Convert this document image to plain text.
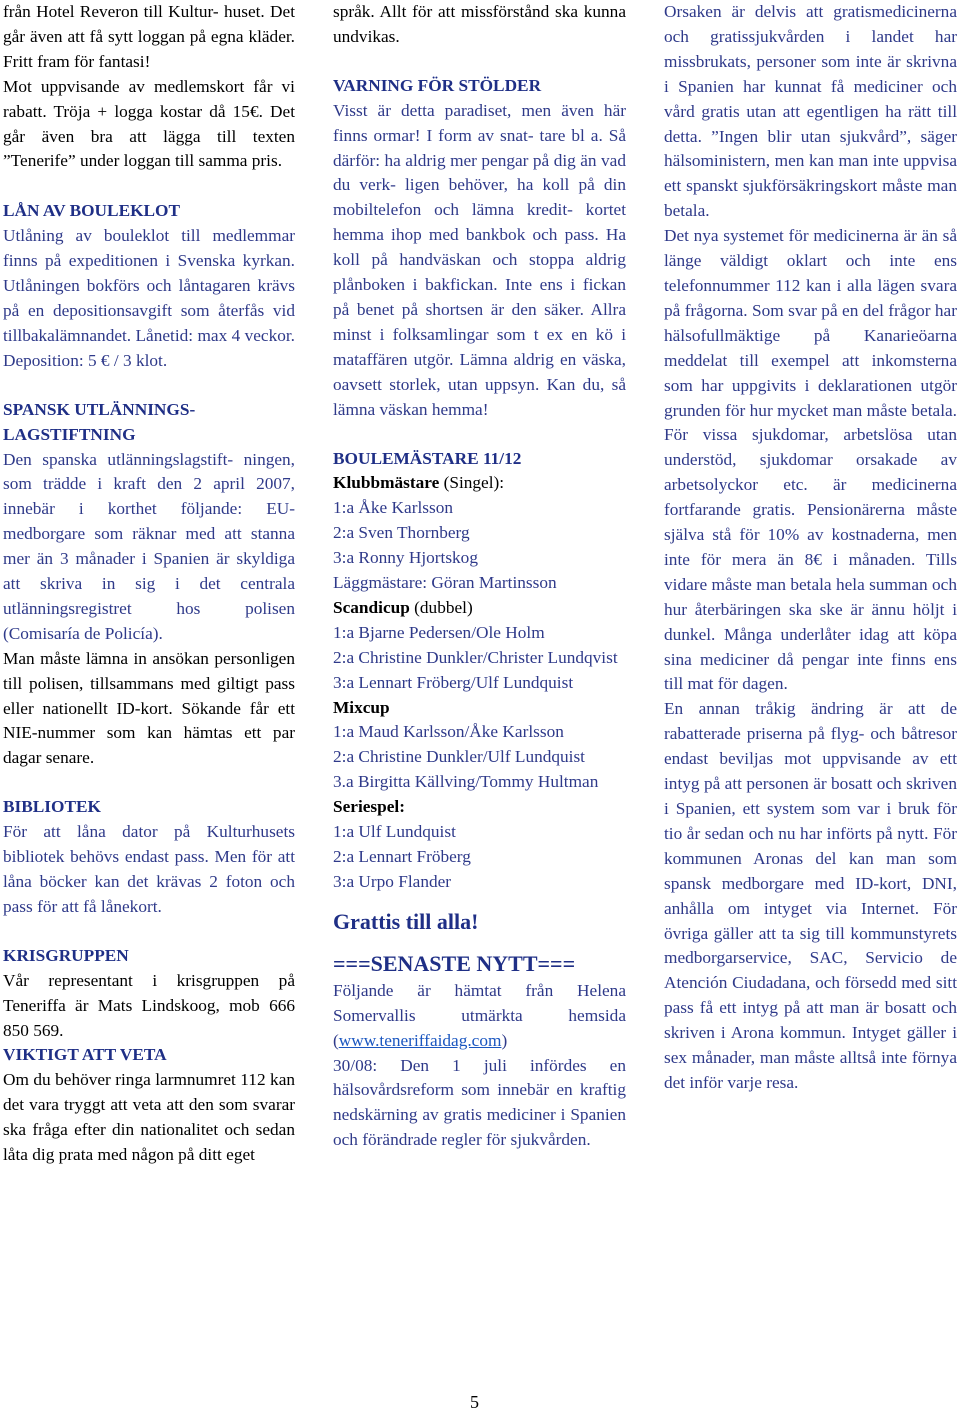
från Hotel Reveron till Kultur- huset. Det går även att få sytt loggan på egna kläder. Fritt fram för fantasi!
Mot uppvisande av medlemskort får vi rabatt. Tröja + logga kostar då 15€. Det går även bra att lägga till texten ”Tenerife” under loggan till samma pris.
LÅN AV BOULEKLOT
Utlåning av bouleklot till medlemmar finns på expeditionen i Svenska kyrkan. Utlåningen bokförs och låntagaren krävs på en depositionsavgift som återfås vid tillbakalämnandet. Lånetid: max 4 veckor. Deposition: 5 € / 3 klot.
SPANSK UTLÄNNINGS- LAGSTIFTNING
Den spanska utlänningslagstift- ningen, som trädde i kraft den 2 april 2007, innebär i korthet följande: EU-medborgare som räknar med att stanna mer än 3 månader i Spanien är skyldiga att skriva in sig i det centrala utlänningsregistret hos polisen (Comisaría de Policía).
Man måste lämna in ansökan personligen till polisen, tillsammans med giltigt pass eller nationellt ID-kort. Sökande får ett NIE-nummer som kan hämtas ett par dagar senare.
BIBLIOTEK
För att låna dator på Kulturhusets bibliotek behövs endast pass. Men för att låna böcker kan det krävas 2 foton och pass för att få lånekort.
KRISGRUPPEN
Vår representant i krisgruppen på Teneriffa är Mats Lindskoog, mob 666 850 569.
VIKTIGT ATT VETA
Om du behöver ringa larmnumret 112 kan det vara tryggt att veta att den som svarar ska fråga efter din nationalitet och sedan låta dig prata med någon på ditt eget
språk. Allt för att missförstånd ska kunna undvikas.
VARNING FÖR STÖLDER
Visst är detta paradiset, men även här finns ormar! I form av snat- tare bl a. Så därför: ha aldrig mer pengar på dig än vad du verk- ligen behöver, ha koll på din mobiltelefon och lämna kredit- kortet hemma ihop med bankbok och pass. Ha koll på handväskan och stoppa aldrig plånboken i bakfickan. Inte ens i fickan på benet på shortsen är den säker. Allra minst i folksamlingar som t ex en kö i mataffären utgör. Lämna aldrig en väska, oavsett storlek, utan uppsyn. Kan du, så lämna väskan hemma!
BOULEMÄSTARE 11/12
Klubbmästare (Singel):
1:a Åke Karlsson
2:a Sven Thornberg
3:a Ronny Hjortskog
Läggmästare: Göran Martinsson
Scandicup (dubbel)
1:a Bjarne Pedersen/Ole Holm
2:a Christine Dunkler/Christer Lundqvist
3:a Lennart Fröberg/Ulf Lundquist
Mixcup
1:a Maud Karlsson/Åke Karlsson
2:a Christine Dunkler/Ulf Lundquist
3.a Birgitta Källving/Tommy Hultman
Seriespel:
1:a Ulf Lundquist
2:a Lennart Fröberg
3:a Urpo Flander
Grattis till alla!
===SENASTE NYTT===
Följande är hämtat från Helena Somervallis utmärkta hemsida (www.teneriffaidag.com)
30/08: Den 1 juli infördes en hälsovårdsreform som innebär en kraftig nedskärning av gratis mediciner i Spanien och förändrade regler för sjukvården.
Orsaken är delvis att gratismedicinerna och gratissjukvården i landet har missbrukats, personer som inte är skrivna i Spanien har kunnat få mediciner och vård gratis utan att egentligen ha rätt till detta. ”Ingen blir utan sjukvård”, säger hälsoministern, men kan man inte uppvisa ett spanskt sjukförsäkringskort måste man betala.
Det nya systemet för medicinerna är än så länge väldigt oklart och inte ens telefonnummer 112 kan i alla lägen svara på frågorna. Som svar på en del frågor har hälsofullmäktige på Kanarieöarna meddelat till exempel att inkomsterna som har uppgivits i deklarationen utgör grunden för hur mycket man måste betala. För vissa sjukdomar, arbetslösa utan understöd, sjukdomar orsakade av arbetsolyckor etc. är medicinerna fortfarande gratis. Pensionärerna måste själva stå för 10% av kostnaderna, men inte för mera än 8€ i månaden. Tills vidare måste man betala hela summan och hur återbäringen ska ske är ännu höljt i dunkel. Många underlåter idag att köpa sina mediciner då pengar inte finns ens till mat för dagen.
En annan tråkig ändring är att de rabatterade priserna på flyg- och båtresor endast beviljas mot uppvisande av ett intyg på att personen är bosatt och skriven i Spanien, ett system som var i bruk för tio år sedan och nu har införts på nytt. För kommunen Aronas del kan man som spansk medborgare med ID-kort, DNI, anhålla om intyget via Internet. För övriga gäller att ta sig till kommunstyrets medborgarservice, SAC, Servicio de Atención Ciudadana, och försedd med sitt pass få ett intyg på att man är bosatt och skriven i Arona kommun. Intyget gäller i sex månader, man måste alltså inte förnya det inför varje resa.
5
